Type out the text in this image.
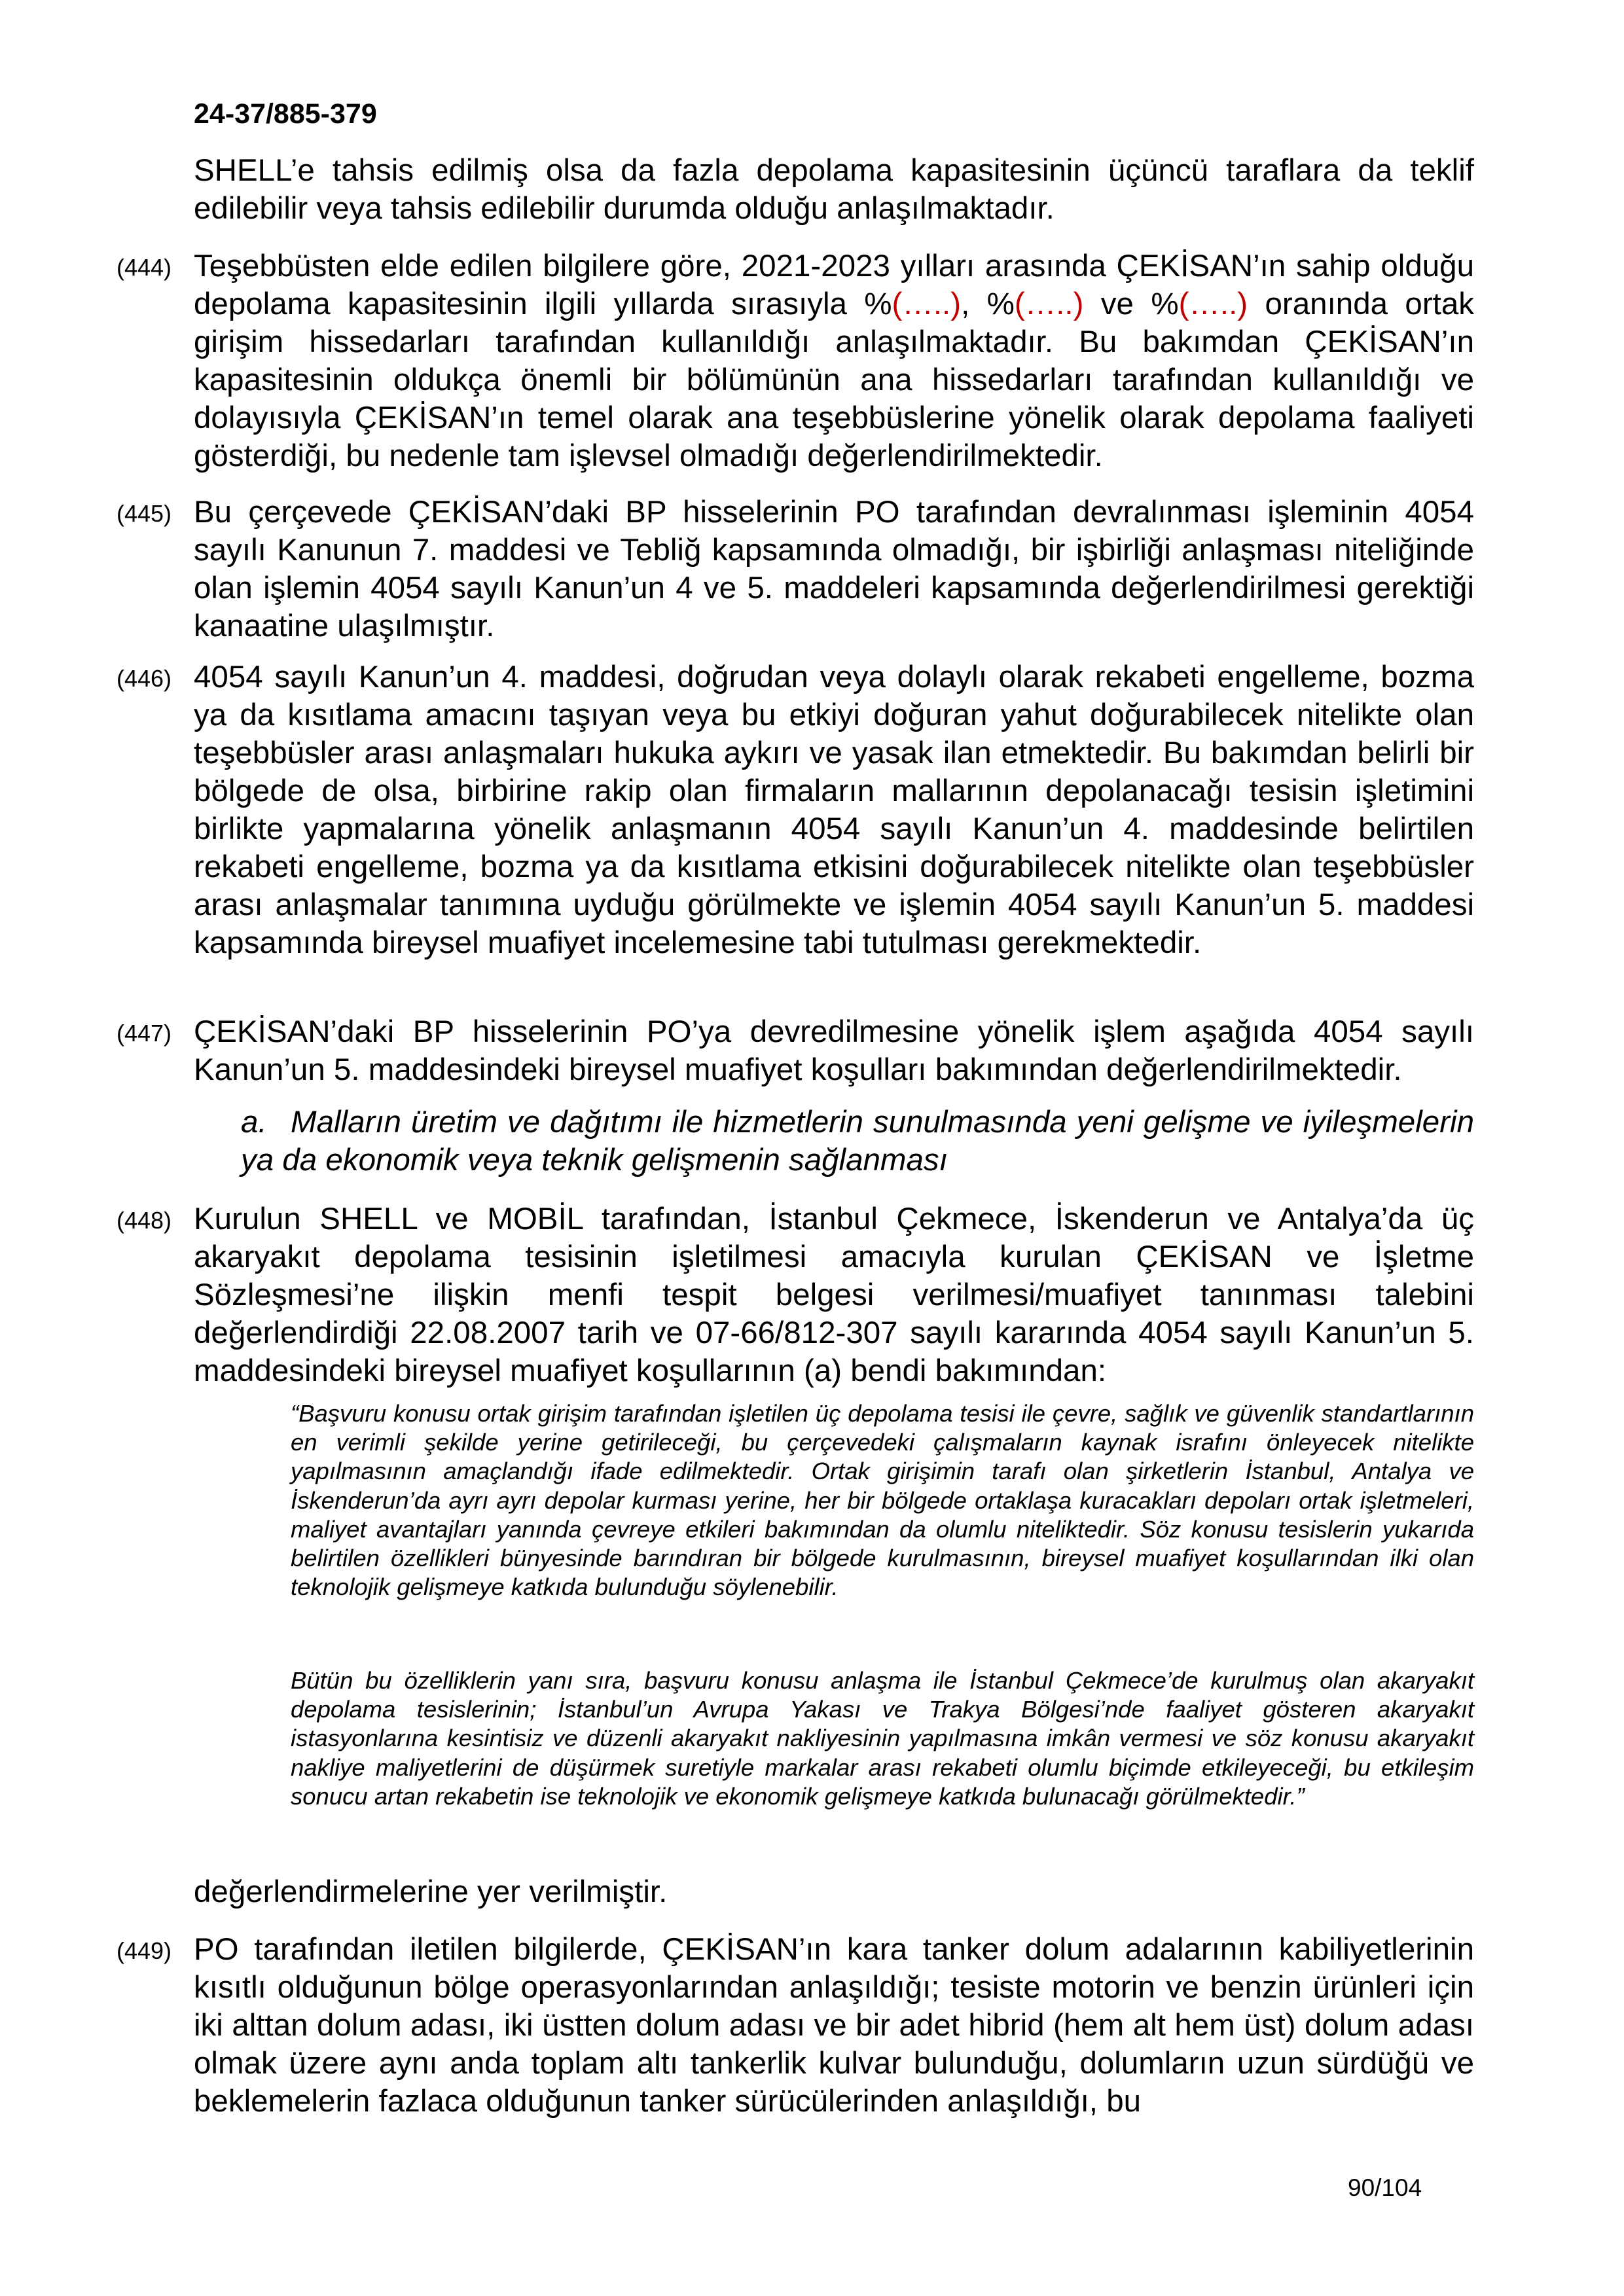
24-37/885-379

SHELL’e tahsis edilmiş olsa da fazla depolama kapasitesinin üçüncü taraflara da teklif edilebilir veya tahsis edilebilir durumda olduğu anlaşılmaktadır.

(444) Teşebbüsten elde edilen bilgilere göre, 2021-2023 yılları arasında ÇEKİSAN’ın sahip olduğu depolama kapasitesinin ilgili yıllarda sırasıyla %(…..), %(…..) ve %(…..) oranında ortak girişim hissedarları tarafından kullanıldığı anlaşılmaktadır. Bu bakımdan ÇEKİSAN’ın kapasitesinin oldukça önemli bir bölümünün ana hissedarları tarafından kullanıldığı ve dolayısıyla ÇEKİSAN’ın temel olarak ana teşebbüslerine yönelik olarak depolama faaliyeti gösterdiği, bu nedenle tam işlevsel olmadığı değerlendirilmektedir.
(445) Bu çerçevede ÇEKİSAN’daki BP hisselerinin PO tarafından devralınması işleminin 4054 sayılı Kanunun 7. maddesi ve Tebliğ kapsamında olmadığı, bir işbirliği anlaşması niteliğinde olan işlemin 4054 sayılı Kanun’un 4 ve 5. maddeleri kapsamında değerlendirilmesi gerektiği kanaatine ulaşılmıştır.
(446) 4054 sayılı Kanun’un 4. maddesi, doğrudan veya dolaylı olarak rekabeti engelleme, bozma ya da kısıtlama amacını taşıyan veya bu etkiyi doğuran yahut doğurabilecek nitelikte olan teşebbüsler arası anlaşmaları hukuka aykırı ve yasak ilan etmektedir. Bu bakımdan belirli bir bölgede de olsa, birbirine rakip olan firmaların mallarının depolanacağı tesisin işletimini birlikte yapmalarına yönelik anlaşmanın 4054 sayılı Kanun’un 4. maddesinde belirtilen rekabeti engelleme, bozma ya da kısıtlama etkisini doğurabilecek nitelikte olan teşebbüsler arası anlaşmalar tanımına uyduğu görülmekte ve işlemin 4054 sayılı Kanun’un 5. maddesi kapsamında bireysel muafiyet incelemesine tabi tutulması gerekmektedir.
(447) ÇEKİSAN’daki BP hisselerinin PO’ya devredilmesine yönelik işlem aşağıda 4054 sayılı Kanun’un 5. maddesindeki bireysel muafiyet koşulları bakımından değerlendirilmektedir.
a. Malların üretim ve dağıtımı ile hizmetlerin sunulmasında yeni gelişme ve iyileşmelerin ya da ekonomik veya teknik gelişmenin sağlanması
(448) Kurulun SHELL ve MOBİL tarafından, İstanbul Çekmece, İskenderun ve Antalya’da üç akaryakıt depolama tesisinin işletilmesi amacıyla kurulan ÇEKİSAN ve İşletme Sözleşmesi’ne ilişkin menfi tespit belgesi verilmesi/muafiyet tanınması talebini değerlendirdiği 22.08.2007 tarih ve 07-66/812-307 sayılı kararında 4054 sayılı Kanun’un 5. maddesindeki bireysel muafiyet koşullarının (a) bendi bakımından:

“Başvuru konusu ortak girişim tarafından işletilen üç depolama tesisi ile çevre, sağlık ve güvenlik standartlarının en verimli şekilde yerine getirileceği, bu çerçevedeki çalışmaların kaynak israfını önleyecek nitelikte yapılmasının amaçlandığı ifade edilmektedir. Ortak girişimin tarafı olan şirketlerin İstanbul, Antalya ve İskenderun’da ayrı ayrı depolar kurması yerine, her bir bölgede ortaklaşa kuracakları depoları ortak işletmeleri, maliyet avantajları yanında çevreye etkileri bakımından da olumlu niteliktedir. Söz konusu tesislerin yukarıda belirtilen özellikleri bünyesinde barındıran bir bölgede kurulmasının, bireysel muafiyet koşullarından ilki olan teknolojik gelişmeye katkıda bulunduğu söylenebilir.

Bütün bu özelliklerin yanı sıra, başvuru konusu anlaşma ile İstanbul Çekmece’de kurulmuş olan akaryakıt depolama tesislerinin; İstanbul’un Avrupa Yakası ve Trakya Bölgesi’nde faaliyet gösteren akaryakıt istasyonlarına kesintisiz ve düzenli akaryakıt nakliyesinin yapılmasına imkân vermesi ve söz konusu akaryakıt nakliye maliyetlerini de düşürmek suretiyle markalar arası rekabeti olumlu biçimde etkileyeceği, bu etkileşim sonucu artan rekabetin ise teknolojik ve ekonomik gelişmeye katkıda bulunacağı görülmektedir.”

değerlendirmelerine yer verilmiştir.

(449) PO tarafından iletilen bilgilerde, ÇEKİSAN’ın kara tanker dolum adalarının kabiliyetlerinin kısıtlı olduğunun bölge operasyonlarından anlaşıldığı; tesiste motorin ve benzin ürünleri için iki alttan dolum adası, iki üstten dolum adası ve bir adet hibrid (hem alt hem üst) dolum adası olmak üzere aynı anda toplam altı tankerlik kulvar bulunduğu, dolumların uzun sürdüğü ve beklemelerin fazlaca olduğunun tanker sürücülerinden anlaşıldığı, bu

90/104
